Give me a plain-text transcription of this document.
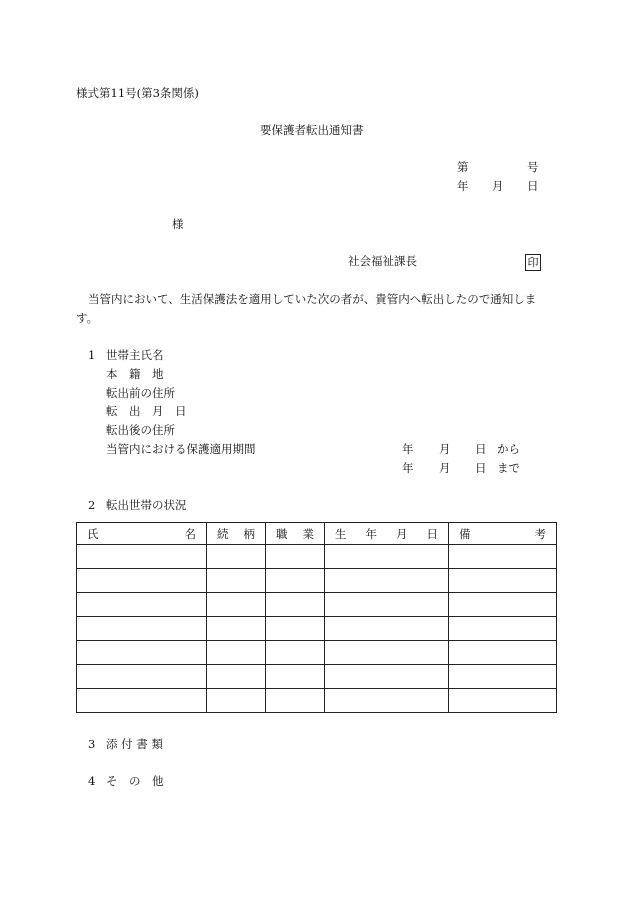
様式第11号(第3条関係)
要保護者転出通知書
第	号
年 月 日
様
社会福祉課長	印
当管内において、生活保護法を適用していた次の者が、貴管内へ転出したので通知しま
す。
1 世帯主氏名
本　籍　地
転出前の住所
転　出　月　日
転出後の住所
当管内における保護適用期間	年 月 日 から
年 月 日 まで
2 転出世帯の状況
氏 名	続 柄	職 業	生 年 月 日	備 考

3 添 付 書 類
4 そ　の　他
